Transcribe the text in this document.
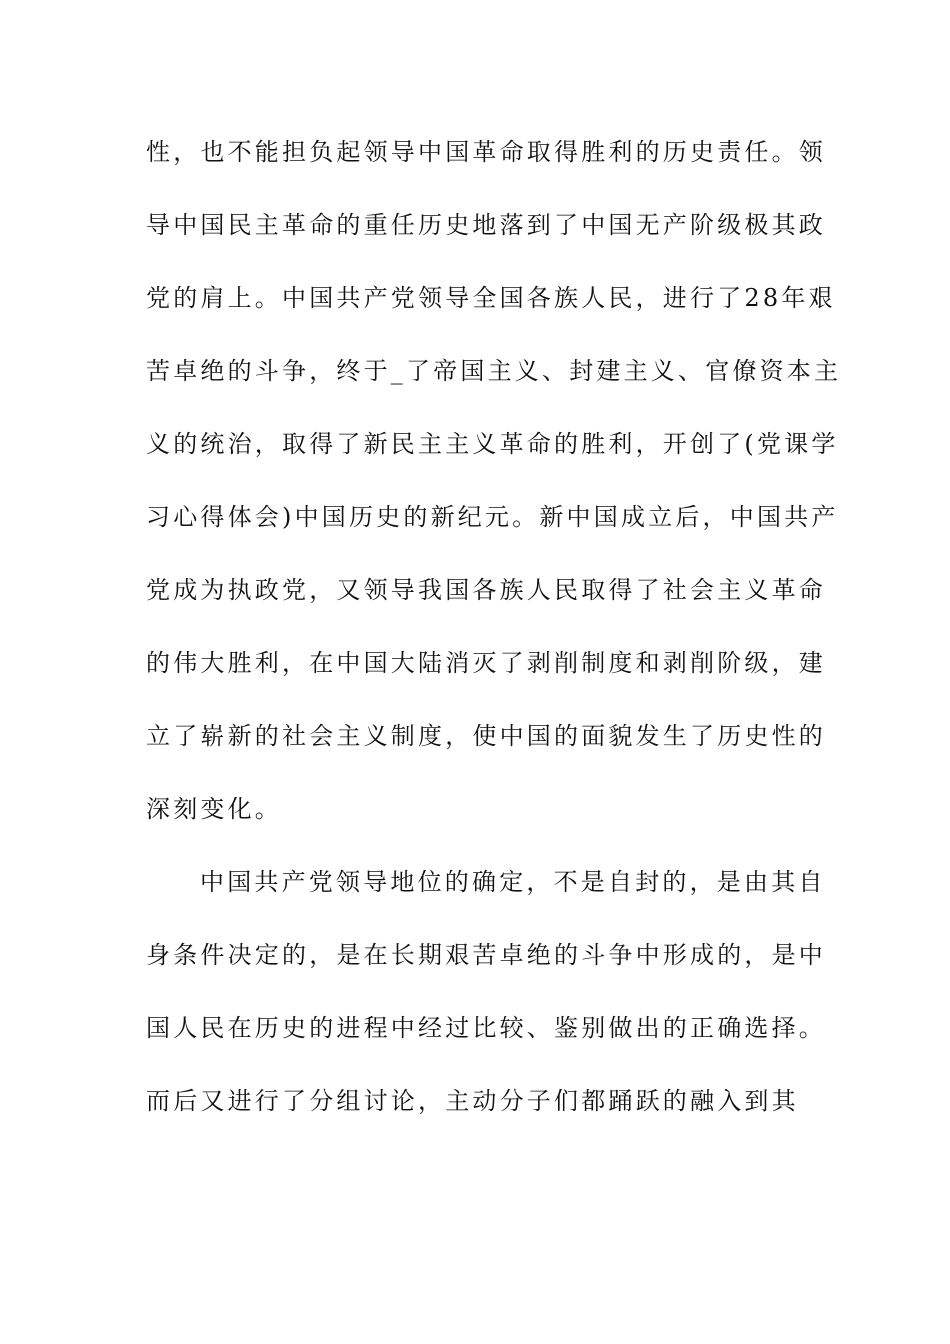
性，也不能担负起领导中国革命取得胜利的历史责任。领
导中国民主革命的重任历史地落到了中国无产阶级极其政
党的肩上。中国共产党领导全国各族人民，进行了28年艰
苦卓绝的斗争，终于_了帝国主义、封建主义、官僚资本主
义的统治，取得了新民主主义革命的胜利，开创了(党课学
习心得体会)中国历史的新纪元。新中国成立后，中国共产
党成为执政党，又领导我国各族人民取得了社会主义革命
的伟大胜利，在中国大陆消灭了剥削制度和剥削阶级，建
立了崭新的社会主义制度，使中国的面貌发生了历史性的
深刻变化。
中国共产党领导地位的确定，不是自封的，是由其自
身条件决定的，是在长期艰苦卓绝的斗争中形成的，是中
国人民在历史的进程中经过比较、鉴别做出的正确选择。
而后又进行了分组讨论，主动分子们都踊跃的融入到其
